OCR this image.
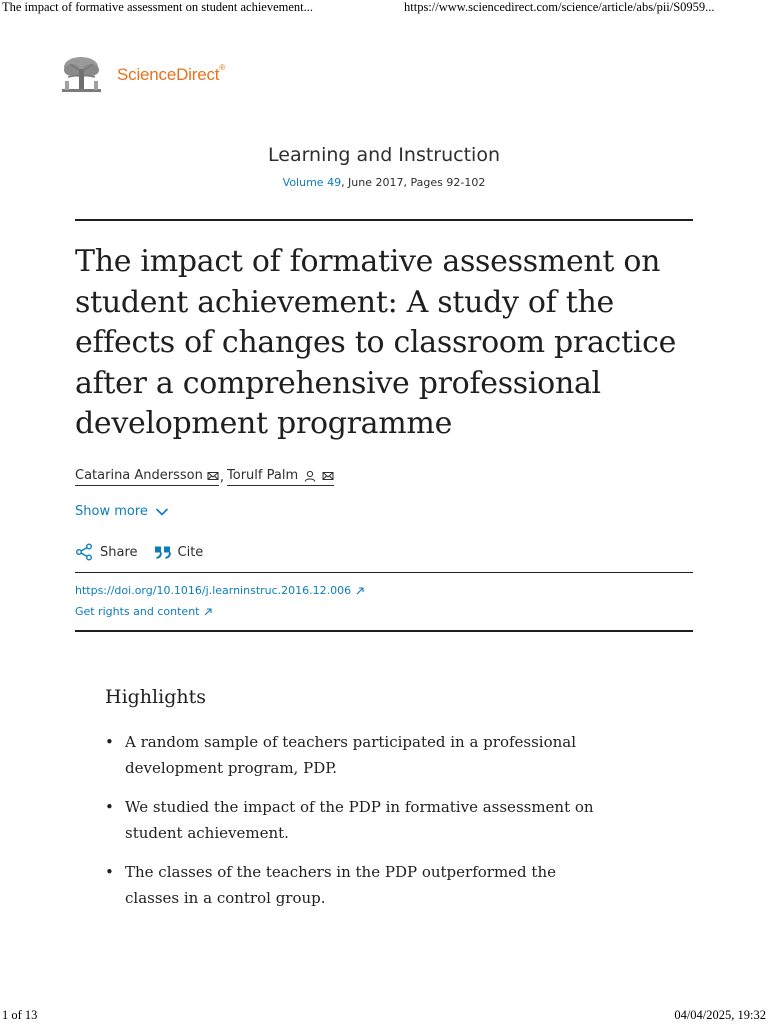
The impact of formative assessment on student achievement...	https://www.sciencedirect.com/science/article/abs/pii/S0959...
ScienceDirect®
Learning and Instruction
Volume 49, June 2017, Pages 92-102
The impact of formative assessment on student achievement: A study of the effects of changes to classroom practice after a comprehensive professional development programme
Catarina Andersson , Torulf Palm
Show more
Share	Cite
https://doi.org/10.1016/j.learninstruc.2016.12.006
Get rights and content
Highlights
• A random sample of teachers participated in a professional development program, PDP.
• We studied the impact of the PDP in formative assessment on student achievement.
• The classes of the teachers in the PDP outperformed the classes in a control group.
1 of 13	04/04/2025, 19:32
